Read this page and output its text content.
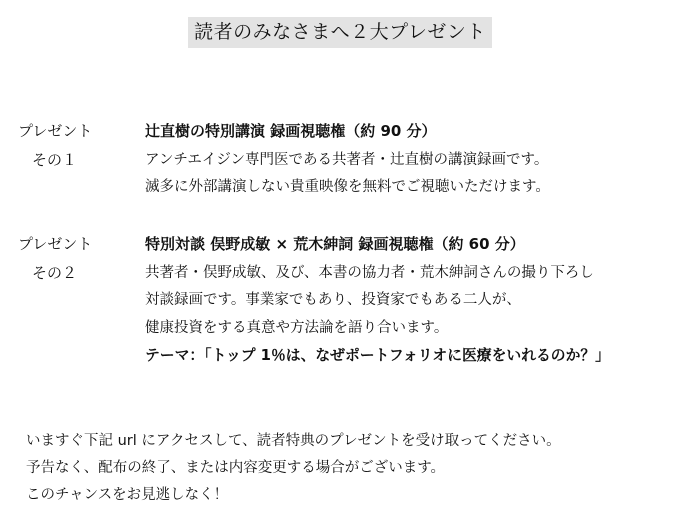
読者のみなさまへ２大プレゼント
プレゼント
その１
辻直樹の特別講演 録画視聴権（約 90 分）
アンチエイジン専門医である共著者・辻直樹の講演録画です。
滅多に外部講演しない貴重映像を無料でご視聴いただけます。
プレゼント
その２
特別対談 俣野成敏 × 荒木紳詞 録画視聴権（約 60 分）
共著者・俣野成敏、及び、本書の協力者・荒木紳詞さんの撮り下ろし
対談録画です。事業家でもあり、投資家でもある二人が、
健康投資をする真意や方法論を語り合います。
テーマ：「トップ 1％は、なぜポートフォリオに医療をいれるのか？」
いますぐ下記 url にアクセスして、読者特典のプレゼントを受け取ってください。
予告なく、配布の終了、または内容変更する場合がございます。
このチャンスをお見逃しなく！
